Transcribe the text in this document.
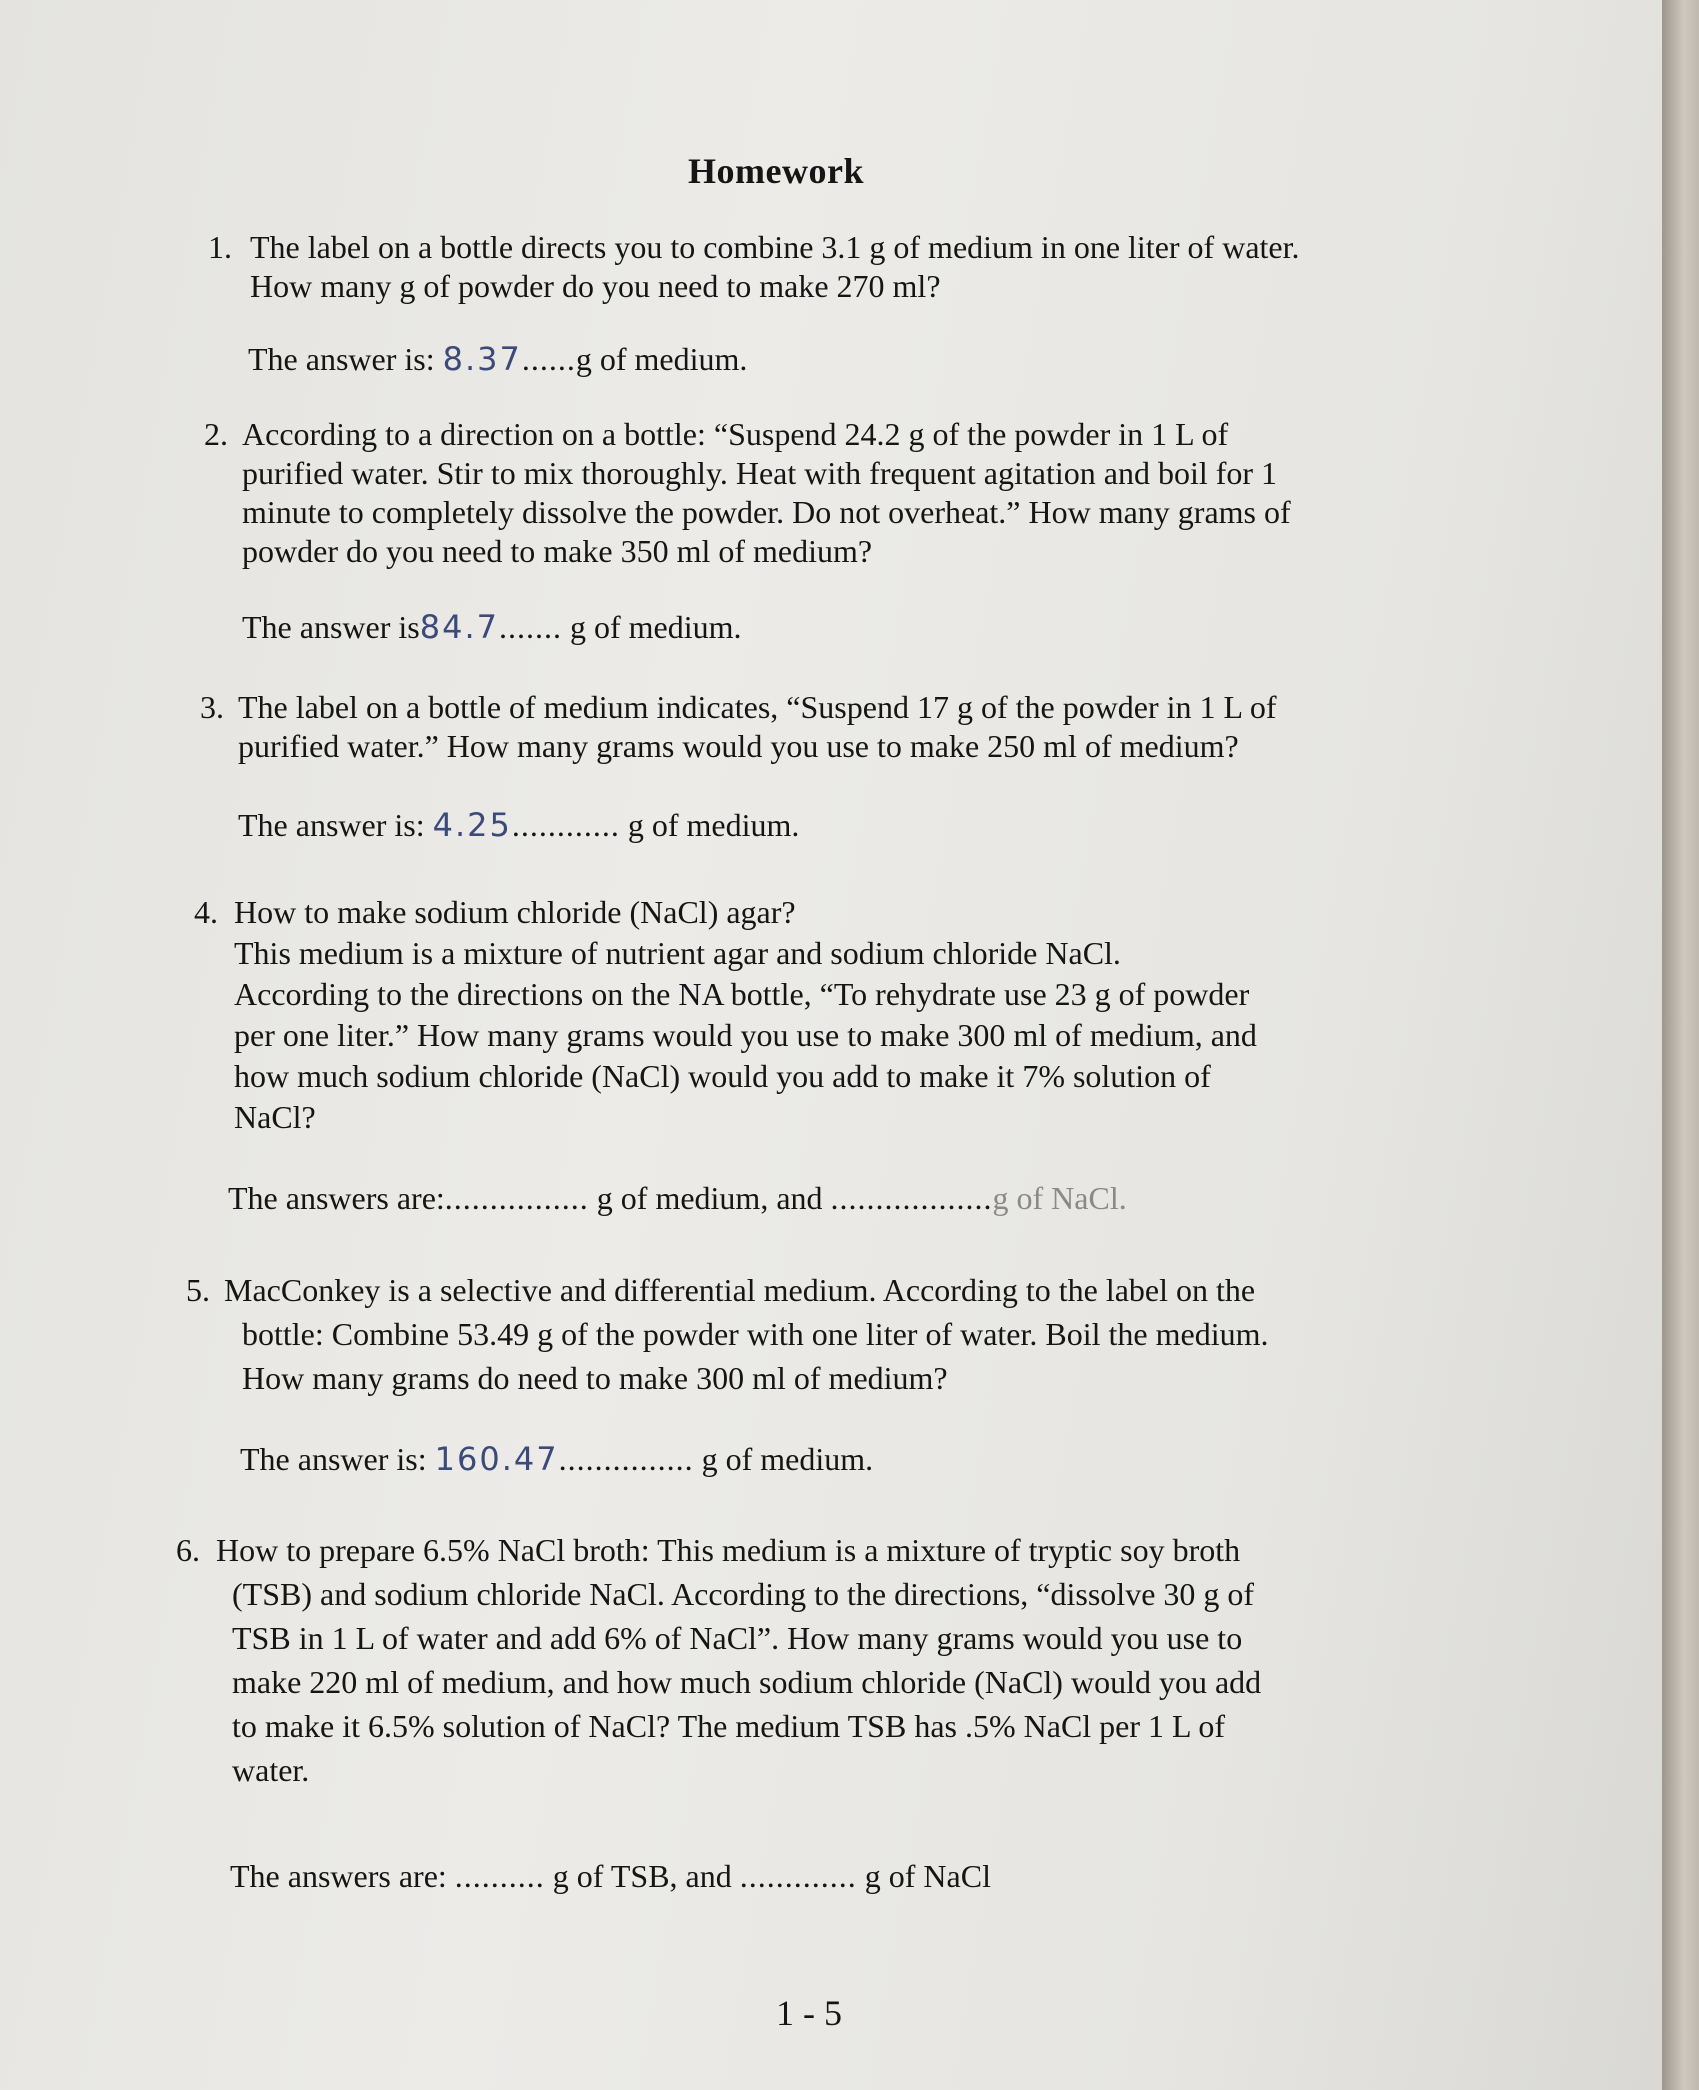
Homework
1. The label on a bottle directs you to combine 3.1 g of medium in one liter of water.
How many g of powder do you need to make 270 ml?
The answer is: 8.37......g of medium.
2. According to a direction on a bottle: “Suspend 24.2 g of the powder in 1 L of
purified water. Stir to mix thoroughly. Heat with frequent agitation and boil for 1
minute to completely dissolve the powder. Do not overheat.” How many grams of
powder do you need to make 350 ml of medium?
The answer is84.7....... g of medium.
3. The label on a bottle of medium indicates, “Suspend 17 g of the powder in 1 L of
purified water.” How many grams would you use to make 250 ml of medium?
The answer is: 4.25............ g of medium.
4. How to make sodium chloride (NaCl) agar?
This medium is a mixture of nutrient agar and sodium chloride NaCl.
According to the directions on the NA bottle, “To rehydrate use 23 g of powder
per one liter.” How many grams would you use to make 300 ml of medium, and
how much sodium chloride (NaCl) would you add to make it 7% solution of
NaCl?
The answers are:................ g of medium, and ..................g of NaCl.
5. MacConkey is a selective and differential medium. According to the label on the
bottle: Combine 53.49 g of the powder with one liter of water. Boil the medium.
How many grams do need to make 300 ml of medium?
The answer is: 160.47............... g of medium.
6. How to prepare 6.5% NaCl broth: This medium is a mixture of tryptic soy broth
(TSB) and sodium chloride NaCl. According to the directions, “dissolve 30 g of
TSB in 1 L of water and add 6% of NaCl”. How many grams would you use to
make 220 ml of medium, and how much sodium chloride (NaCl) would you add
to make it 6.5% solution of NaCl? The medium TSB has .5% NaCl per 1 L of
water.
The answers are: .......... g of TSB, and ............. g of NaCl
1 - 5
